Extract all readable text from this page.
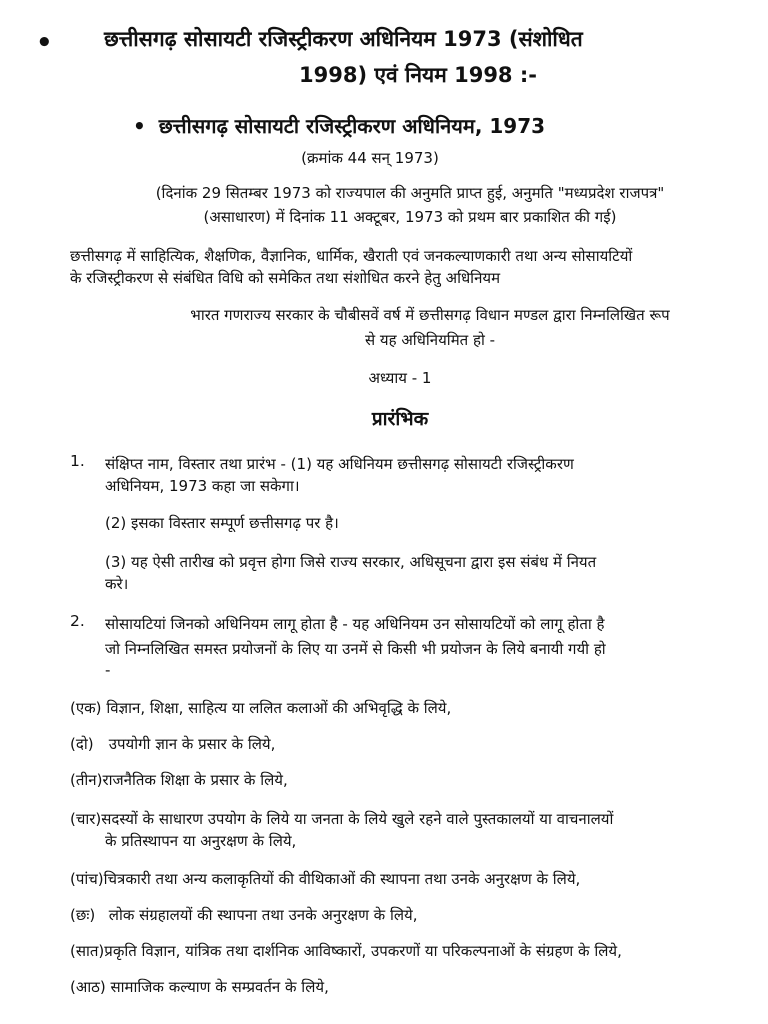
• छत्तीसगढ़ सोसायटी रजिस्ट्रीकरण अधिनियम 1973 (संशोधित

1998) एवं नियम 1998 :-

• छत्तीसगढ़ सोसायटी रजिस्ट्रीकरण अधिनियम, 1973

(क्रमांक 44 सन् 1973)

(दिनांक 29 सितम्बर 1973 को राज्यपाल की अनुमति प्राप्त हुई, अनुमति "मध्यप्रदेश राजपत्र"

(असाधारण) में दिनांक 11 अक्टूबर, 1973 को प्रथम बार प्रकाशित की गई)

छत्तीसगढ़ में साहित्यिक, शैक्षणिक, वैज्ञानिक, धार्मिक, खैराती एवं जनकल्याणकारी तथा अन्य सोसायटियों

के रजिस्ट्रीकरण से संबंधित विधि को समेकित तथा संशोधित करने हेतु अधिनियम

भारत गणराज्य सरकार के चौबीसवें वर्ष में छत्तीसगढ़ विधान मण्डल द्वारा निम्नलिखित रूप

से यह अधिनियमित हो -

अध्याय - 1

प्रारंभिक

1. संक्षिप्त नाम, विस्तार तथा प्रारंभ - (1) यह अधिनियम छत्तीसगढ़ सोसायटी रजिस्ट्रीकरण

अधिनियम, 1973 कहा जा सकेगा।

(2) इसका विस्तार सम्पूर्ण छत्तीसगढ़ पर है।

(3) यह ऐसी तारीख को प्रवृत्त होगा जिसे राज्य सरकार, अधिसूचना द्वारा इस संबंध में नियत

करे।

2. सोसायटियां जिनको अधिनियम लागू होता है - यह अधिनियम उन सोसायटियों को लागू होता है

जो निम्नलिखित समस्त प्रयोजनों के लिए या उनमें से किसी भी प्रयोजन के लिये बनायी गयी हो

-

(एक) विज्ञान, शिक्षा, साहित्य या ललित कलाओं की अभिवृद्धि के लिये,

(दो) उपयोगी ज्ञान के प्रसार के लिये,

(तीन)राजनैतिक शिक्षा के प्रसार के लिये,

(चार)सदस्यों के साधारण उपयोग के लिये या जनता के लिये खुले रहने वाले पुस्तकालयों या वाचनालयों

के प्रतिस्थापन या अनुरक्षण के लिये,

(पांच)चित्रकारी तथा अन्य कलाकृतियों की वीथिकाओं की स्थापना तथा उनके अनुरक्षण के लिये,

(छः) लोक संग्रहालयों की स्थापना तथा उनके अनुरक्षण के लिये,

(सात)प्रकृति विज्ञान, यांत्रिक तथा दार्शनिक आविष्कारों, उपकरणों या परिकल्पनाओं के संग्रहण के लिये,

(आठ) सामाजिक कल्याण के सम्प्रवर्तन के लिये,
